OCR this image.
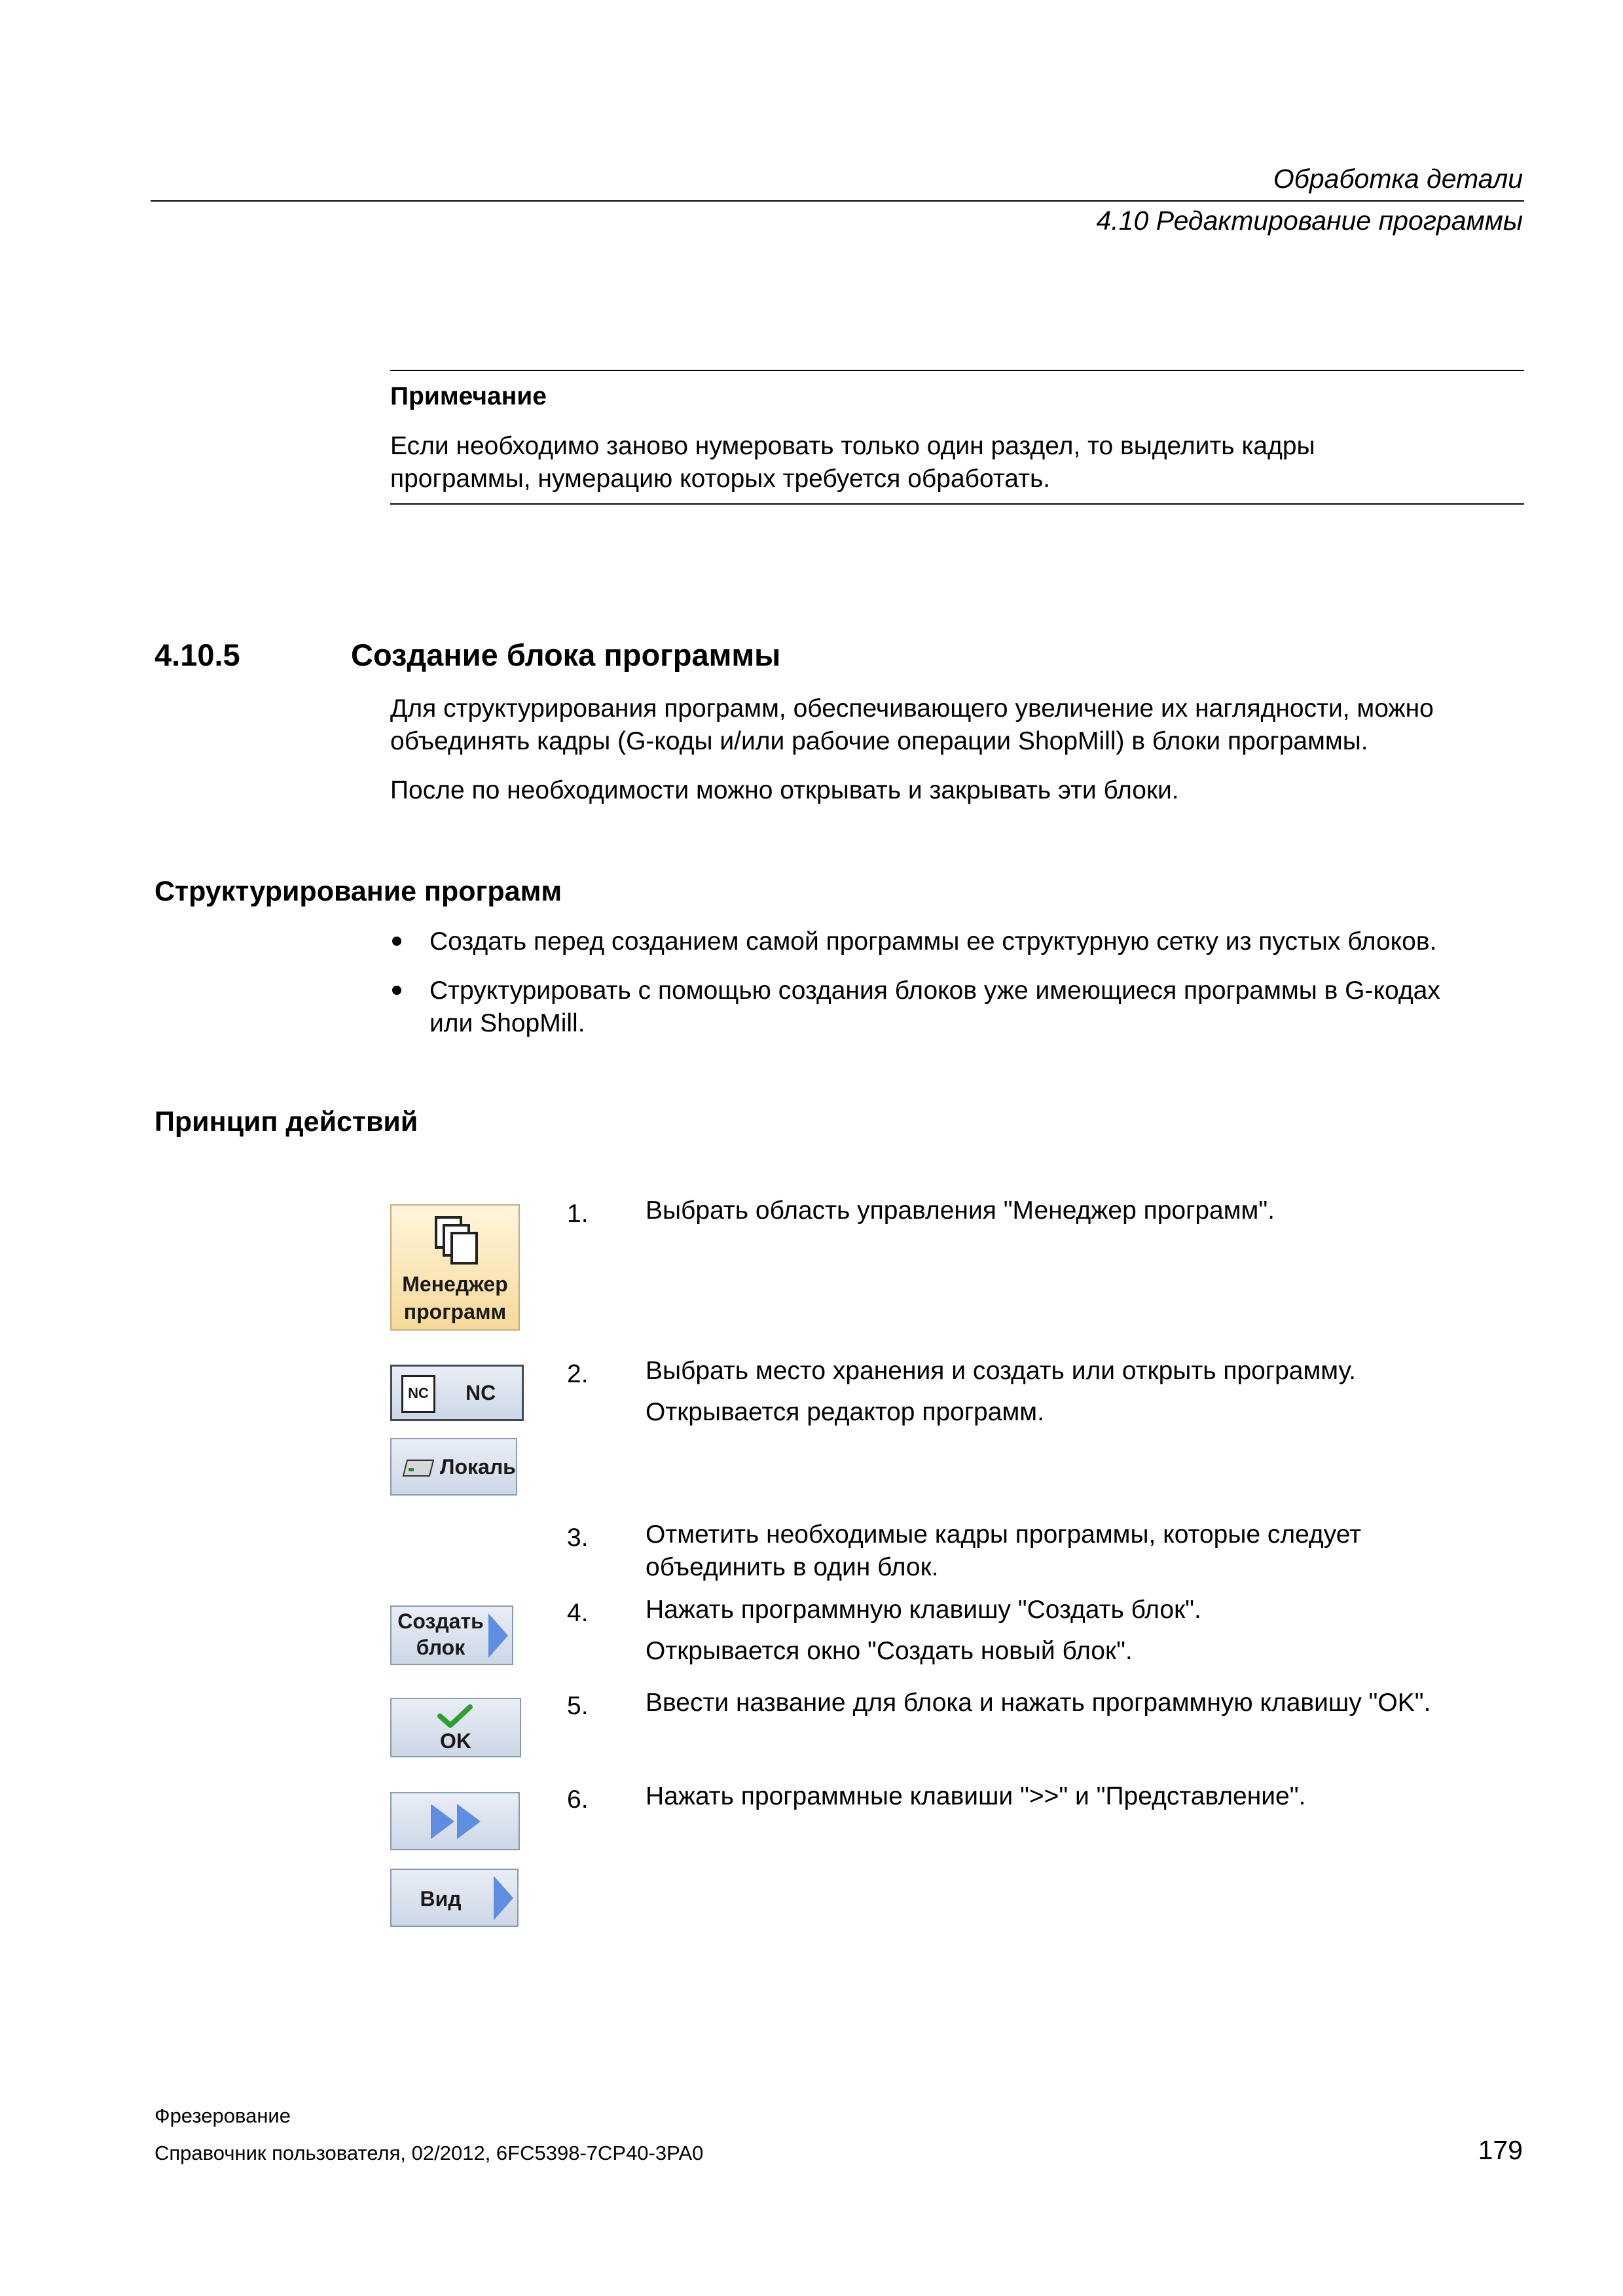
Обработка детали
4.10 Редактирование программы
Примечание
Если необходимо заново нумеровать только один раздел, то выделить кадры
программы, нумерацию которых требуется обработать.
4.10.5	Создание блока программы
Для структурирования программ, обеспечивающего увеличение их наглядности, можно
объединять кадры (G-коды и/или рабочие операции ShopMill) в блоки программы.
После по необходимости можно открывать и закрывать эти блоки.
Структурирование программ
Создать перед созданием самой программы ее структурную сетку из пустых блоков.
Структурировать с помощью создания блоков уже имеющиеся программы в G-кодах
или ShopMill.
Принцип действий
1. Выбрать область управления "Менеджер программ".
2. Выбрать место хранения и создать или открыть программу.
Открывается редактор программ.
3. Отметить необходимые кадры программы, которые следует
объединить в один блок.
4. Нажать программную клавишу "Создать блок".
Открывается окно "Создать новый блок".
5. Ввести название для блока и нажать программную клавишу "OK".
6. Нажать программные клавиши ">>" и "Представление".
Менеджер
программ
NC	NC
Локаль
Создать
блок
OK
Вид
Фрезерование
Справочник пользователя, 02/2012, 6FC5398-7CP40-3PA0	179
